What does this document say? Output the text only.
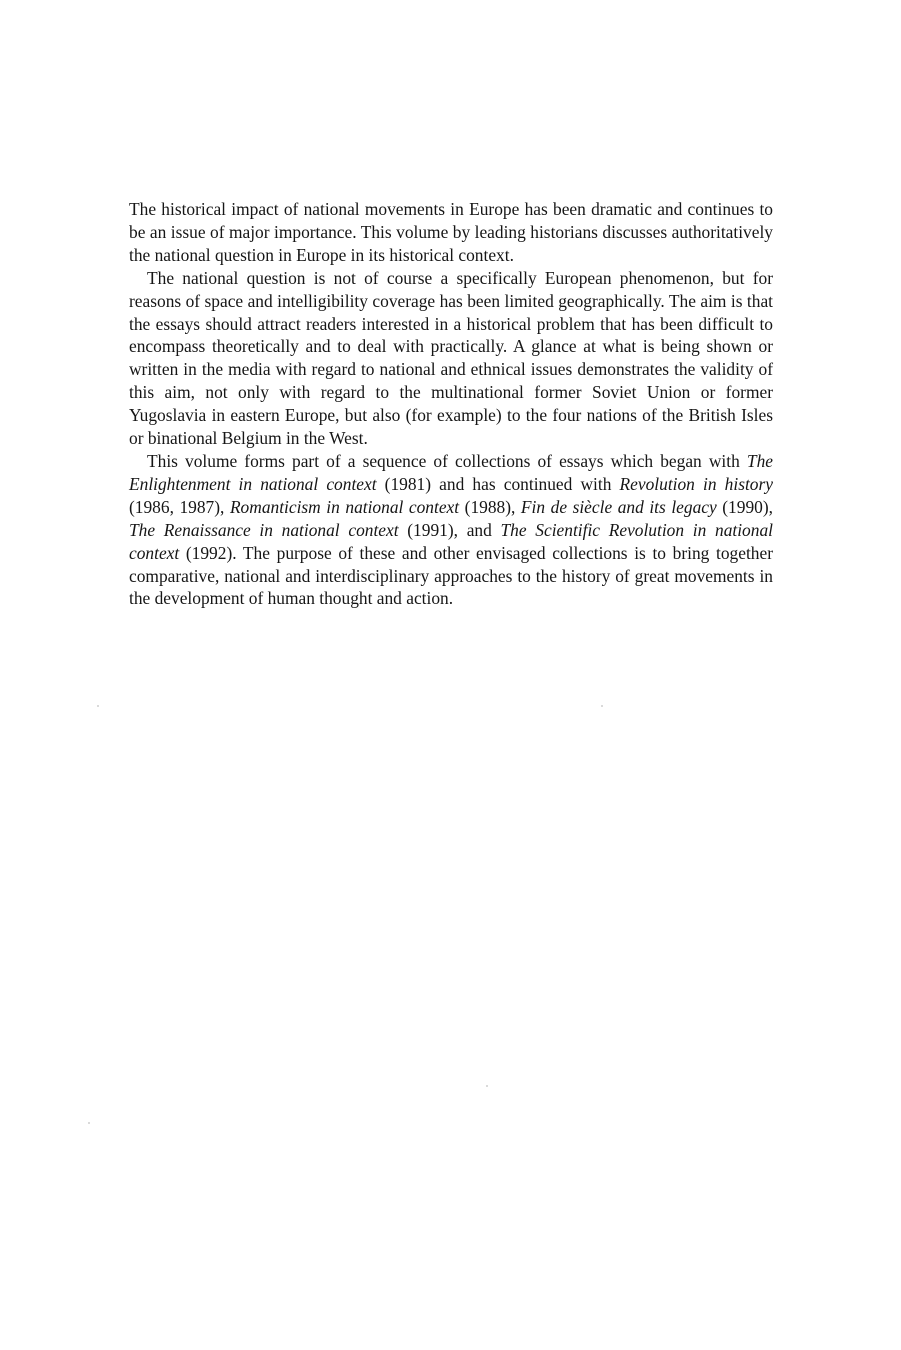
The historical impact of national movements in Europe has been dramatic and continues to be an issue of major importance. This volume by leading historians discusses authoritatively the national question in Europe in its historical context.

The national question is not of course a specifically European phenomenon, but for reasons of space and intelligibility coverage has been limited geographically. The aim is that the essays should attract readers interested in a historical problem that has been difficult to encompass theoretically and to deal with practically. A glance at what is being shown or written in the media with regard to national and ethnical issues demonstrates the validity of this aim, not only with regard to the multinational former Soviet Union or former Yugoslavia in eastern Europe, but also (for example) to the four nations of the British Isles or binational Belgium in the West.

This volume forms part of a sequence of collections of essays which began with The Enlightenment in national context (1981) and has continued with Revolution in history (1986, 1987), Romanticism in national context (1988), Fin de siècle and its legacy (1990), The Renaissance in national context (1991), and The Scientific Revolution in national context (1992). The purpose of these and other envisaged collections is to bring together comparative, national and interdisciplinary approaches to the history of great movements in the development of human thought and action.
